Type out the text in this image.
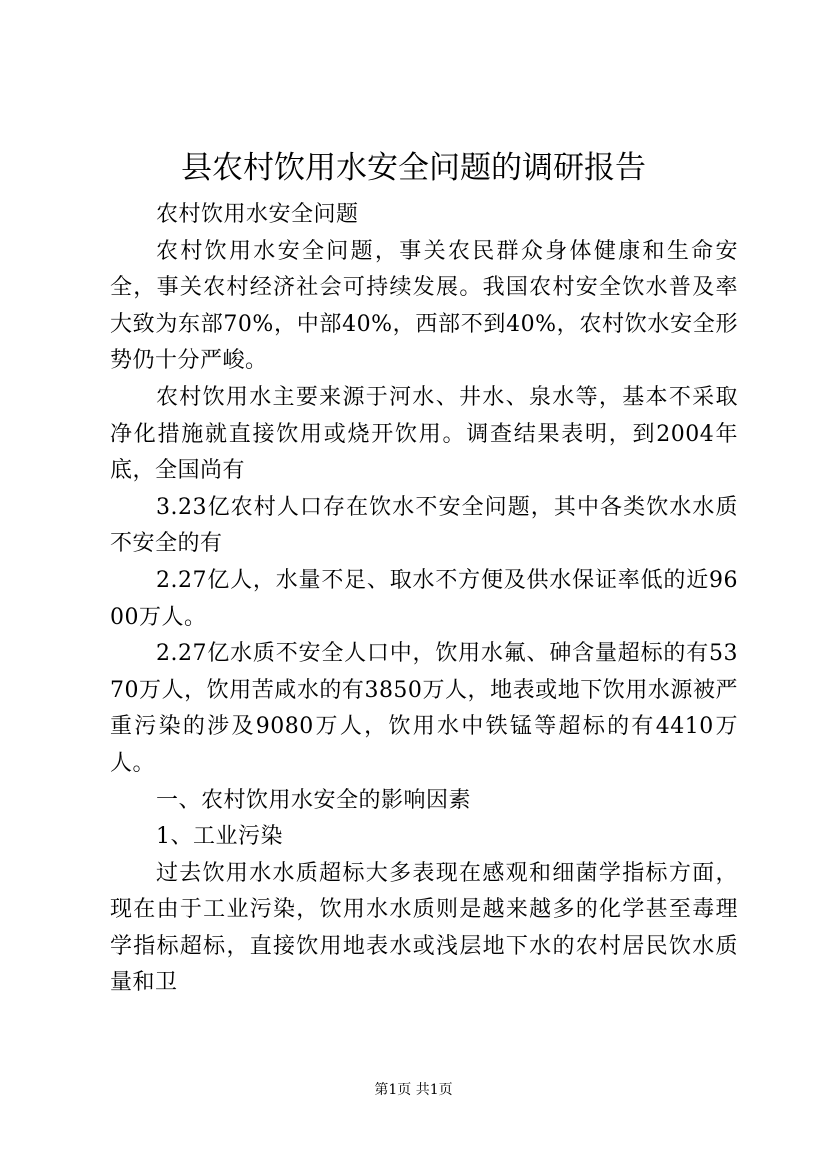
县农村饮用水安全问题的调研报告

农村饮用水安全问题

农村饮用水安全问题，事关农民群众身体健康和生命安全，事关农村经济社会可持续发展。我国农村安全饮水普及率大致为东部70%，中部40%，西部不到40%，农村饮水安全形势仍十分严峻。

农村饮用水主要来源于河水、井水、泉水等，基本不采取净化措施就直接饮用或烧开饮用。调查结果表明，到2004年底，全国尚有

3.23亿农村人口存在饮水不安全问题，其中各类饮水水质不安全的有

2.27亿人，水量不足、取水不方便及供水保证率低的近9600万人。

2.27亿水质不安全人口中，饮用水氟、砷含量超标的有5370万人，饮用苦咸水的有3850万人，地表或地下饮用水源被严重污染的涉及9080万人，饮用水中铁锰等超标的有4410万人。

一、农村饮用水安全的影响因素

1、工业污染

过去饮用水水质超标大多表现在感观和细菌学指标方面，现在由于工业污染，饮用水水质则是越来越多的化学甚至毒理学指标超标，直接饮用地表水或浅层地下水的农村居民饮水质量和卫

第1页 共1页
